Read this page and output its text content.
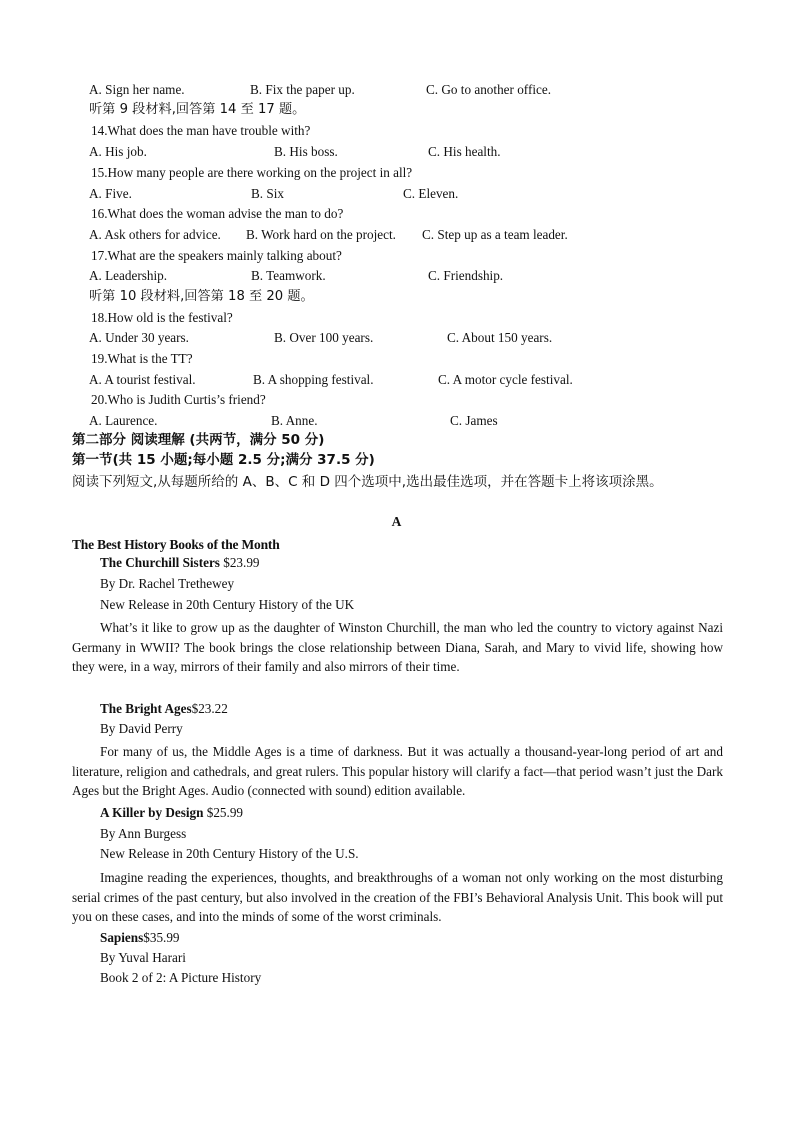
A. Sign her name.	B. Fix the paper up.	C. Go to another office.
听第 9 段材料,回答第 14 至 17 题。
14.What does the man have trouble with?
A. His job.	B. His boss.	C. His health.
15.How many people are there working on the project in all?
A. Five.	B. Six	C. Eleven.
16.What does the woman advise the man to do?
A. Ask others for advice. B. Work hard on the project. C. Step up as a team leader.
17.What are the speakers mainly talking about?
A. Leadership.	B. Teamwork.	C. Friendship.
听第 10 段材料,回答第 18 至 20 题。
18.How old is the festival?
A. Under 30 years.	B. Over 100 years.	C. About 150 years.
19.What is the TT?
A. A tourist festival.	B. A shopping festival.	C. A motor cycle festival.
20.Who is Judith Curtis’s friend?
A. Laurence.	B. Anne.	C. James
第二部分 阅读理解 (共两节，满分 50 分)
第一节(共 15 小题;每小题 2.5 分;满分 37.5 分)
阅读下列短文,从每题所给的 A、B、C 和 D 四个选项中,选出最佳选项，并在答题卡上将该项涂黑。
A
The Best History Books of the Month
The Churchill Sisters $23.99
By Dr. Rachel Trethewey
New Release in 20th Century History of the UK

What’s it like to grow up as the daughter of Winston Churchill, the man who led the country to victory against Nazi Germany in WWII? The book brings the close relationship between Diana, Sarah, and Mary to vivid life, showing how they were, in a way, mirrors of their family and also mirrors of their time.

The Bright Ages$23.22
By David Perry

For many of us, the Middle Ages is a time of darkness. But it was actually a thousand-year-long period of art and literature, religion and cathedrals, and great rulers. This popular history will clarify a fact—that period wasn’t just the Dark Ages but the Bright Ages. Audio (connected with sound) edition available.

A Killer by Design $25.99
By Ann Burgess
New Release in 20th Century History of the U.S.

Imagine reading the experiences, thoughts, and breakthroughs of a woman not only working on the most disturbing serial crimes of the past century, but also involved in the creation of the FBI’s Behavioral Analysis Unit. This book will put you on these cases, and into the minds of some of the worst criminals.

Sapiens$35.99
By Yuval Harari
Book 2 of 2: A Picture History
